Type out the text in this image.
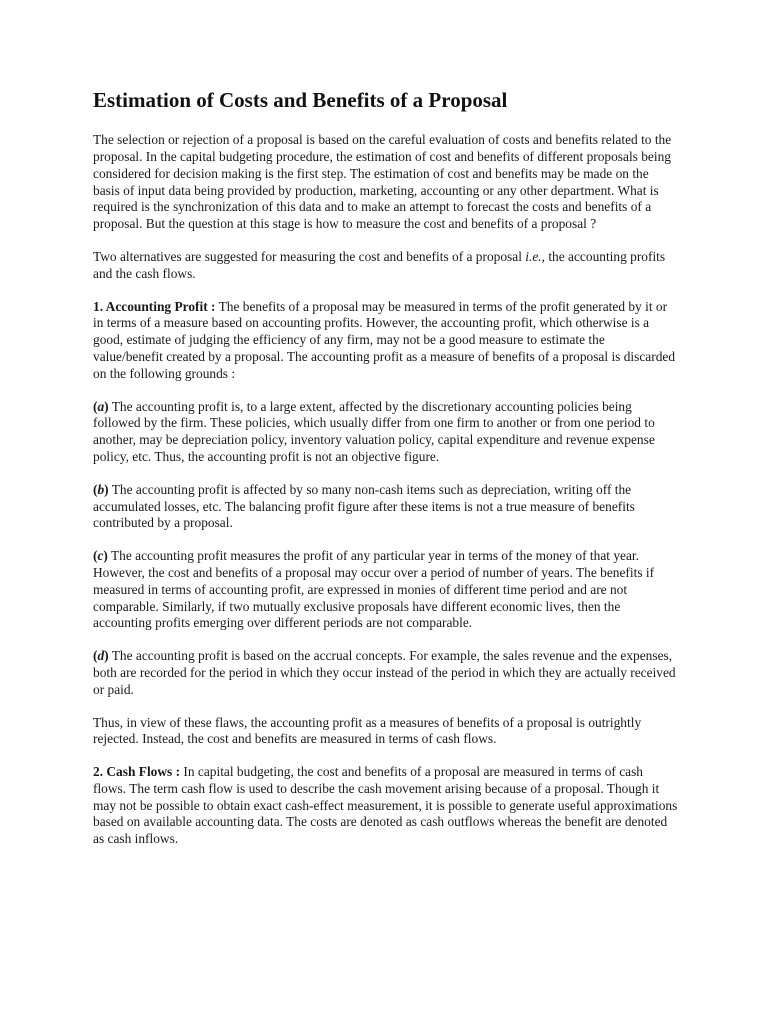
Estimation of Costs and Benefits of a Proposal

The selection or rejection of a proposal is based on the careful evaluation of costs and benefits related to the proposal. In the capital budgeting procedure, the estimation of cost and benefits of different proposals being considered for decision making is the first step. The estimation of cost and benefits may be made on the basis of input data being provided by production, marketing, accounting or any other department. What is required is the synchronization of this data and to make an attempt to forecast the costs and benefits of a proposal. But the question at this stage is how to measure the cost and benefits of a proposal ?

Two alternatives are suggested for measuring the cost and benefits of a proposal i.e., the accounting profits and the cash flows.

1. Accounting Profit : The benefits of a proposal may be measured in terms of the profit generated by it or in terms of a measure based on accounting profits. However, the accounting profit, which otherwise is a good, estimate of judging the efficiency of any firm, may not be a good measure to estimate the value/benefit created by a proposal. The accounting profit as a measure of benefits of a proposal is discarded on the following grounds :

(a) The accounting profit is, to a large extent, affected by the discretionary accounting policies being followed by the firm. These policies, which usually differ from one firm to another or from one period to another, may be depreciation policy, inventory valuation policy, capital expenditure and revenue expense policy, etc. Thus, the accounting profit is not an objective figure.

(b) The accounting profit is affected by so many non-cash items such as depreciation, writing off the accumulated losses, etc. The balancing profit figure after these items is not a true measure of benefits contributed by a proposal.

(c) The accounting profit measures the profit of any particular year in terms of the money of that year. However, the cost and benefits of a proposal may occur over a period of number of years. The benefits if measured in terms of accounting profit, are expressed in monies of different time period and are not comparable. Similarly, if two mutually exclusive proposals have different economic lives, then the accounting profits emerging over different periods are not comparable.

(d) The accounting profit is based on the accrual concepts. For example, the sales revenue and the expenses, both are recorded for the period in which they occur instead of the period in which they are actually received or paid.

Thus, in view of these flaws, the accounting profit as a measures of benefits of a proposal is outrightly rejected. Instead, the cost and benefits are measured in terms of cash flows.

2. Cash Flows : In capital budgeting, the cost and benefits of a proposal are measured in terms of cash flows. The term cash flow is used to describe the cash movement arising because of a proposal. Though it may not be possible to obtain exact cash-effect measurement, it is possible to generate useful approximations based on available accounting data. The costs are denoted as cash outflows whereas the benefit are denoted as cash inflows.
